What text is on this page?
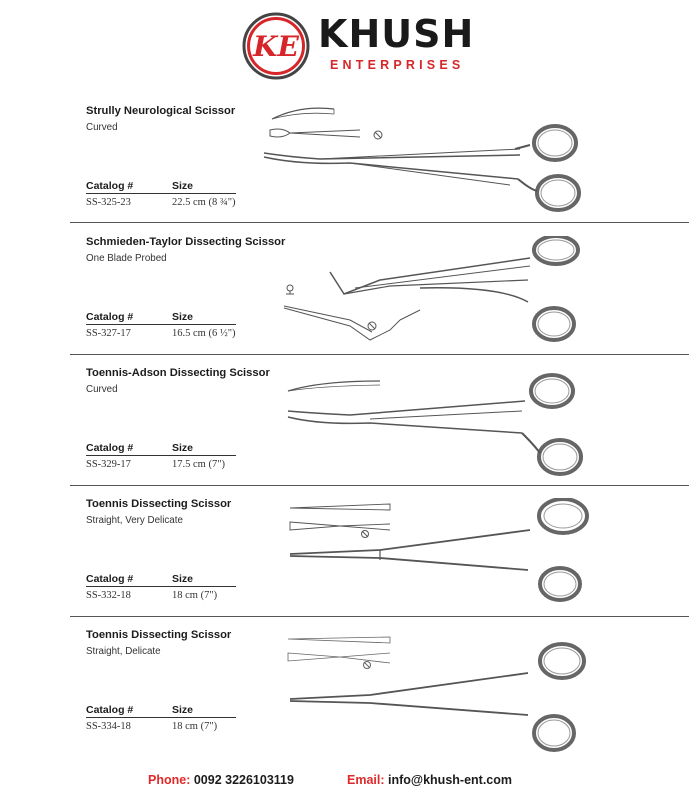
KE KHUSH
ENTERPRISES
Strully Neurological Scissor
Curved
Catalog #	Size
SS-325-23	22.5 cm (8 ¾")
Schmieden-Taylor Dissecting Scissor
One Blade Probed
Catalog #	Size
SS-327-17	16.5 cm (6 ½")
Toennis-Adson Dissecting Scissor
Curved
Catalog #	Size
SS-329-17	17.5 cm (7")
Toennis Dissecting Scissor
Straight, Very Delicate
Catalog #	Size
SS-332-18	18 cm (7")
Toennis Dissecting Scissor
Straight, Delicate
Catalog #	Size
SS-334-18	18 cm (7")
Phone: 0092 3226103119	Email: info@khush-ent.com
